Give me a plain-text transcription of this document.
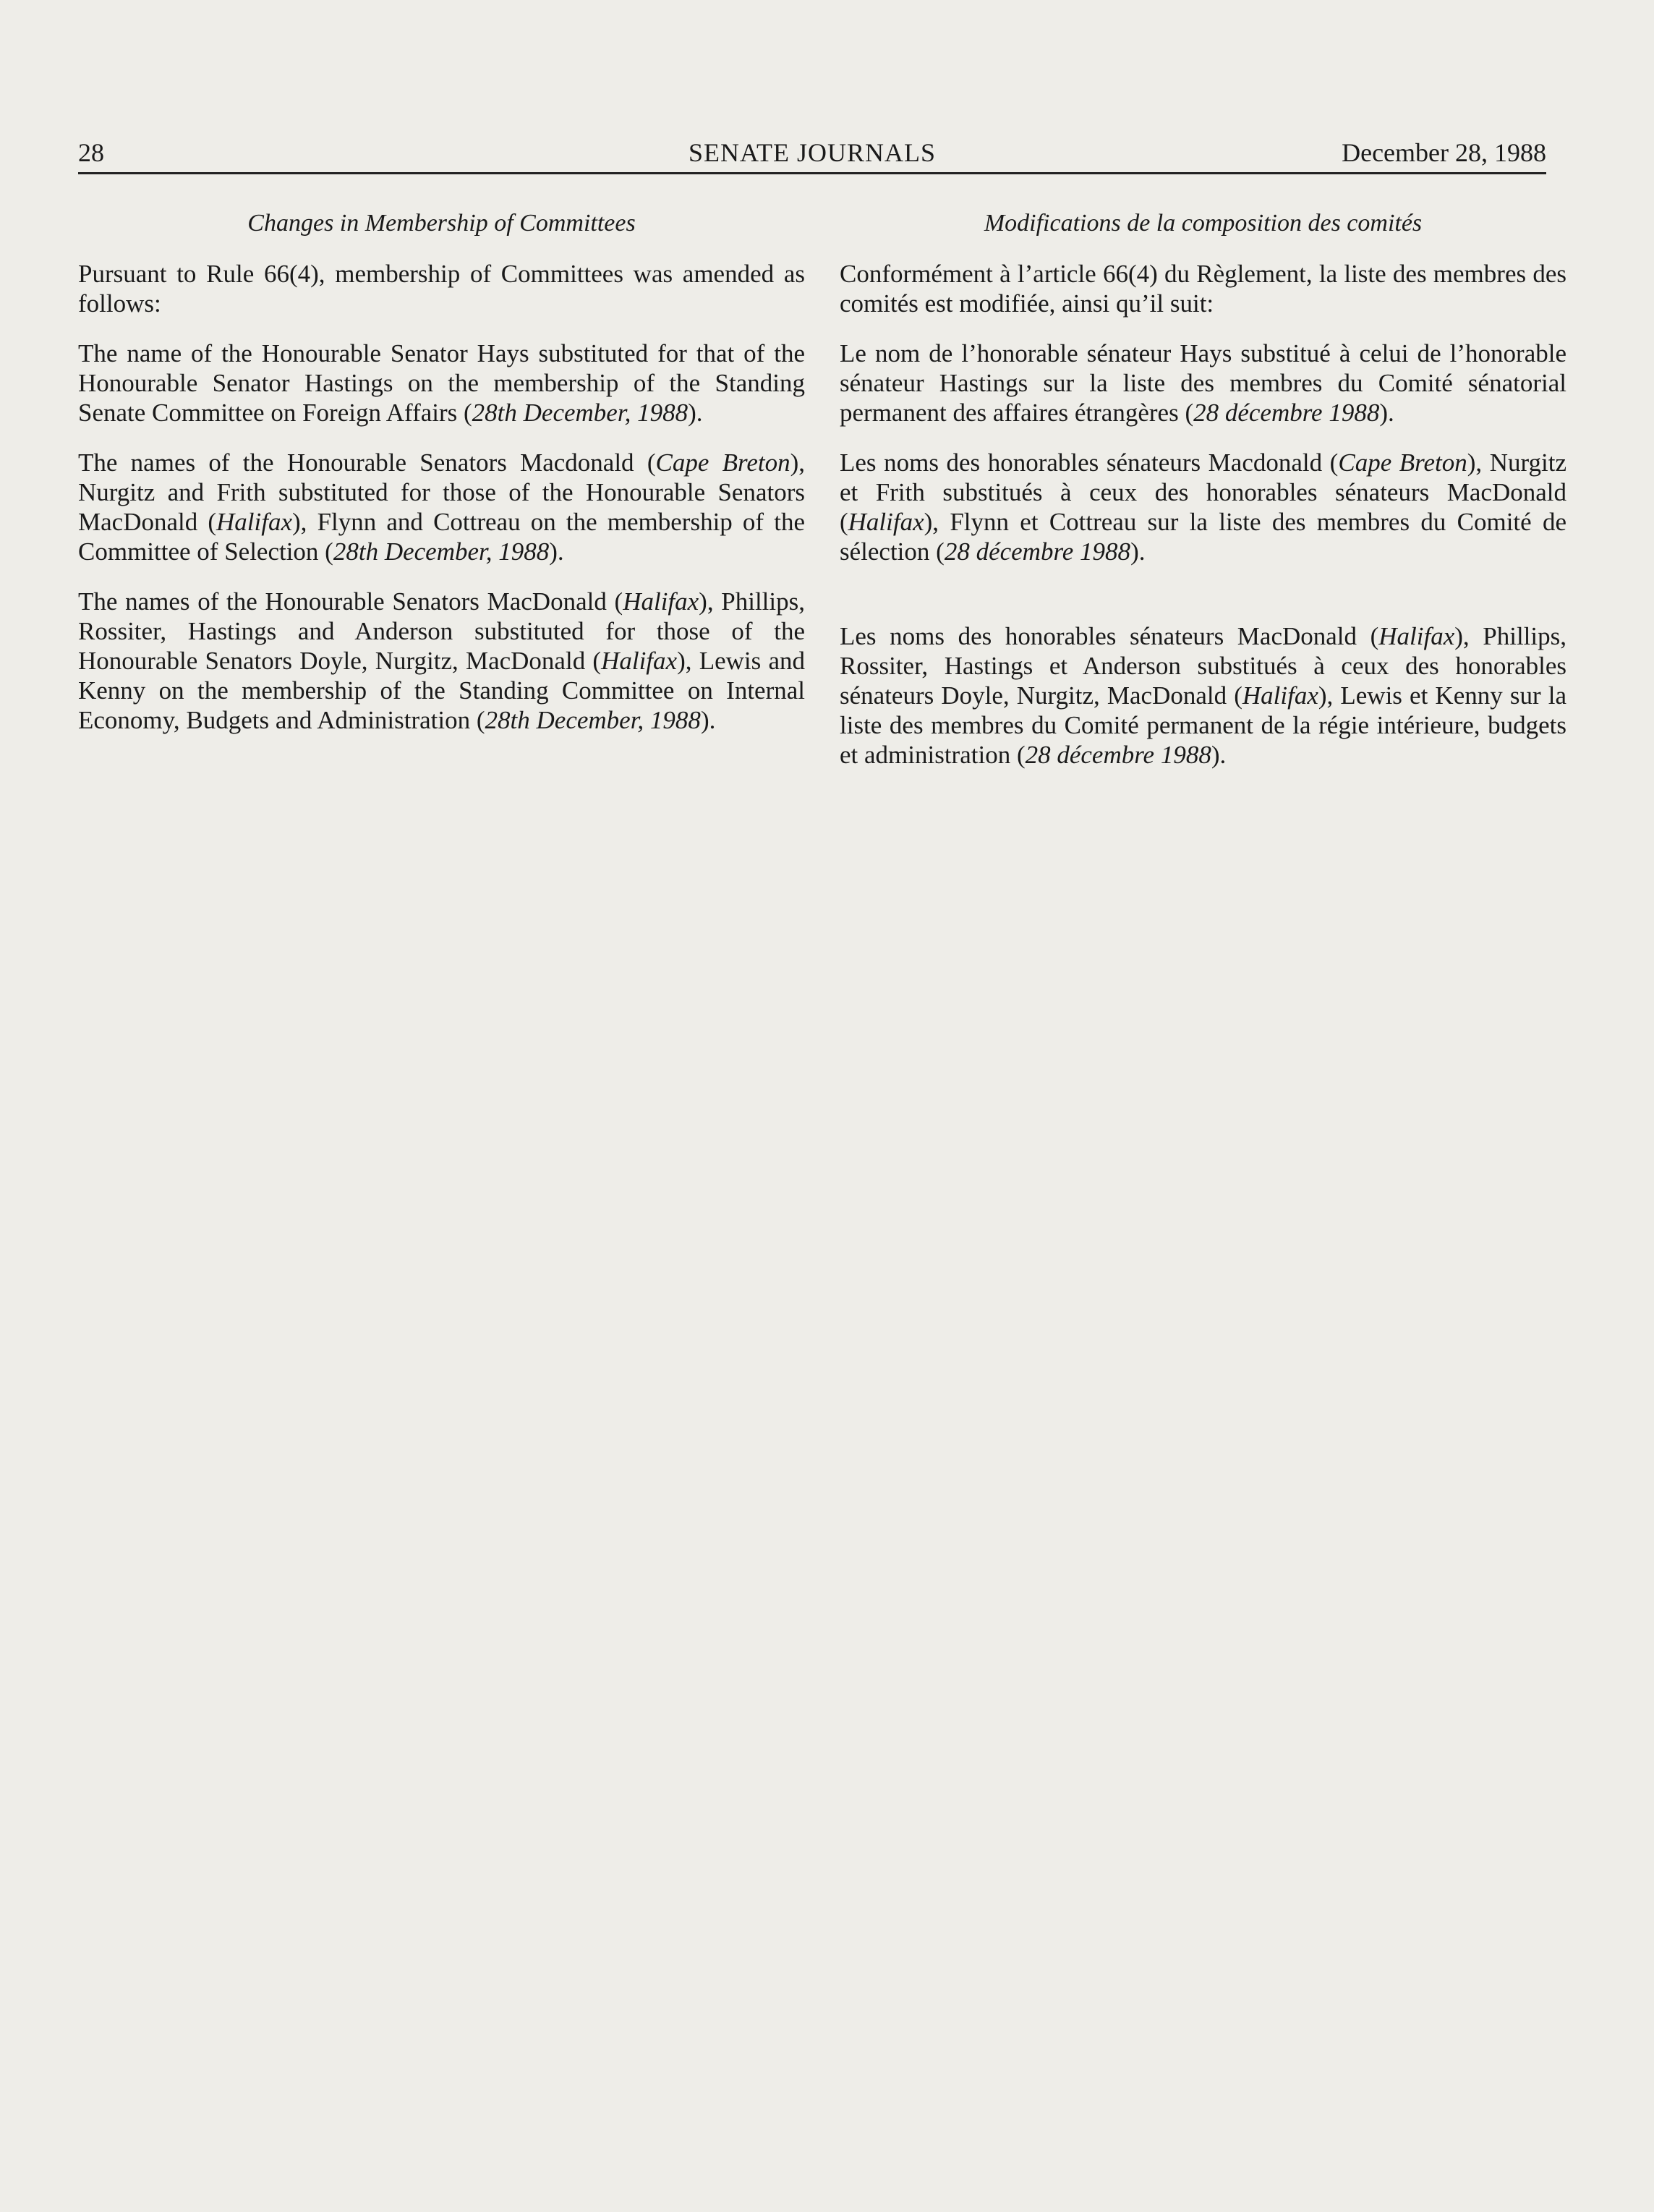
28	SENATE JOURNALS	December 28, 1988
Changes in Membership of Committees
Pursuant to Rule 66(4), membership of Committees was amended as follows:
The name of the Honourable Senator Hays substituted for that of the Honourable Senator Hastings on the membership of the Standing Senate Committee on Foreign Affairs (28th December, 1988).
The names of the Honourable Senators Macdonald (Cape Breton), Nurgitz and Frith substituted for those of the Honourable Senators MacDonald (Halifax), Flynn and Cottreau on the membership of the Committee of Selection (28th December, 1988).
The names of the Honourable Senators MacDonald (Halifax), Phillips, Rossiter, Hastings and Anderson substituted for those of the Honourable Senators Doyle, Nurgitz, MacDonald (Halifax), Lewis and Kenny on the membership of the Standing Committee on Internal Economy, Budgets and Administration (28th December, 1988).
Modifications de la composition des comités
Conformément à l’article 66(4) du Règlement, la liste des membres des comités est modifiée, ainsi qu’il suit:
Le nom de l’honorable sénateur Hays substitué à celui de l’honorable sénateur Hastings sur la liste des membres du Comité sénatorial permanent des affaires étrangères (28 décembre 1988).
Les noms des honorables sénateurs Macdonald (Cape Breton), Nurgitz et Frith substitués à ceux des honorables sénateurs MacDonald (Halifax), Flynn et Cottreau sur la liste des membres du Comité de sélection (28 décembre 1988).
Les noms des honorables sénateurs MacDonald (Halifax), Phillips, Rossiter, Hastings et Anderson substitués à ceux des honorables sénateurs Doyle, Nurgitz, MacDonald (Halifax), Lewis et Kenny sur la liste des membres du Comité permanent de la régie intérieure, budgets et administration (28 décembre 1988).
